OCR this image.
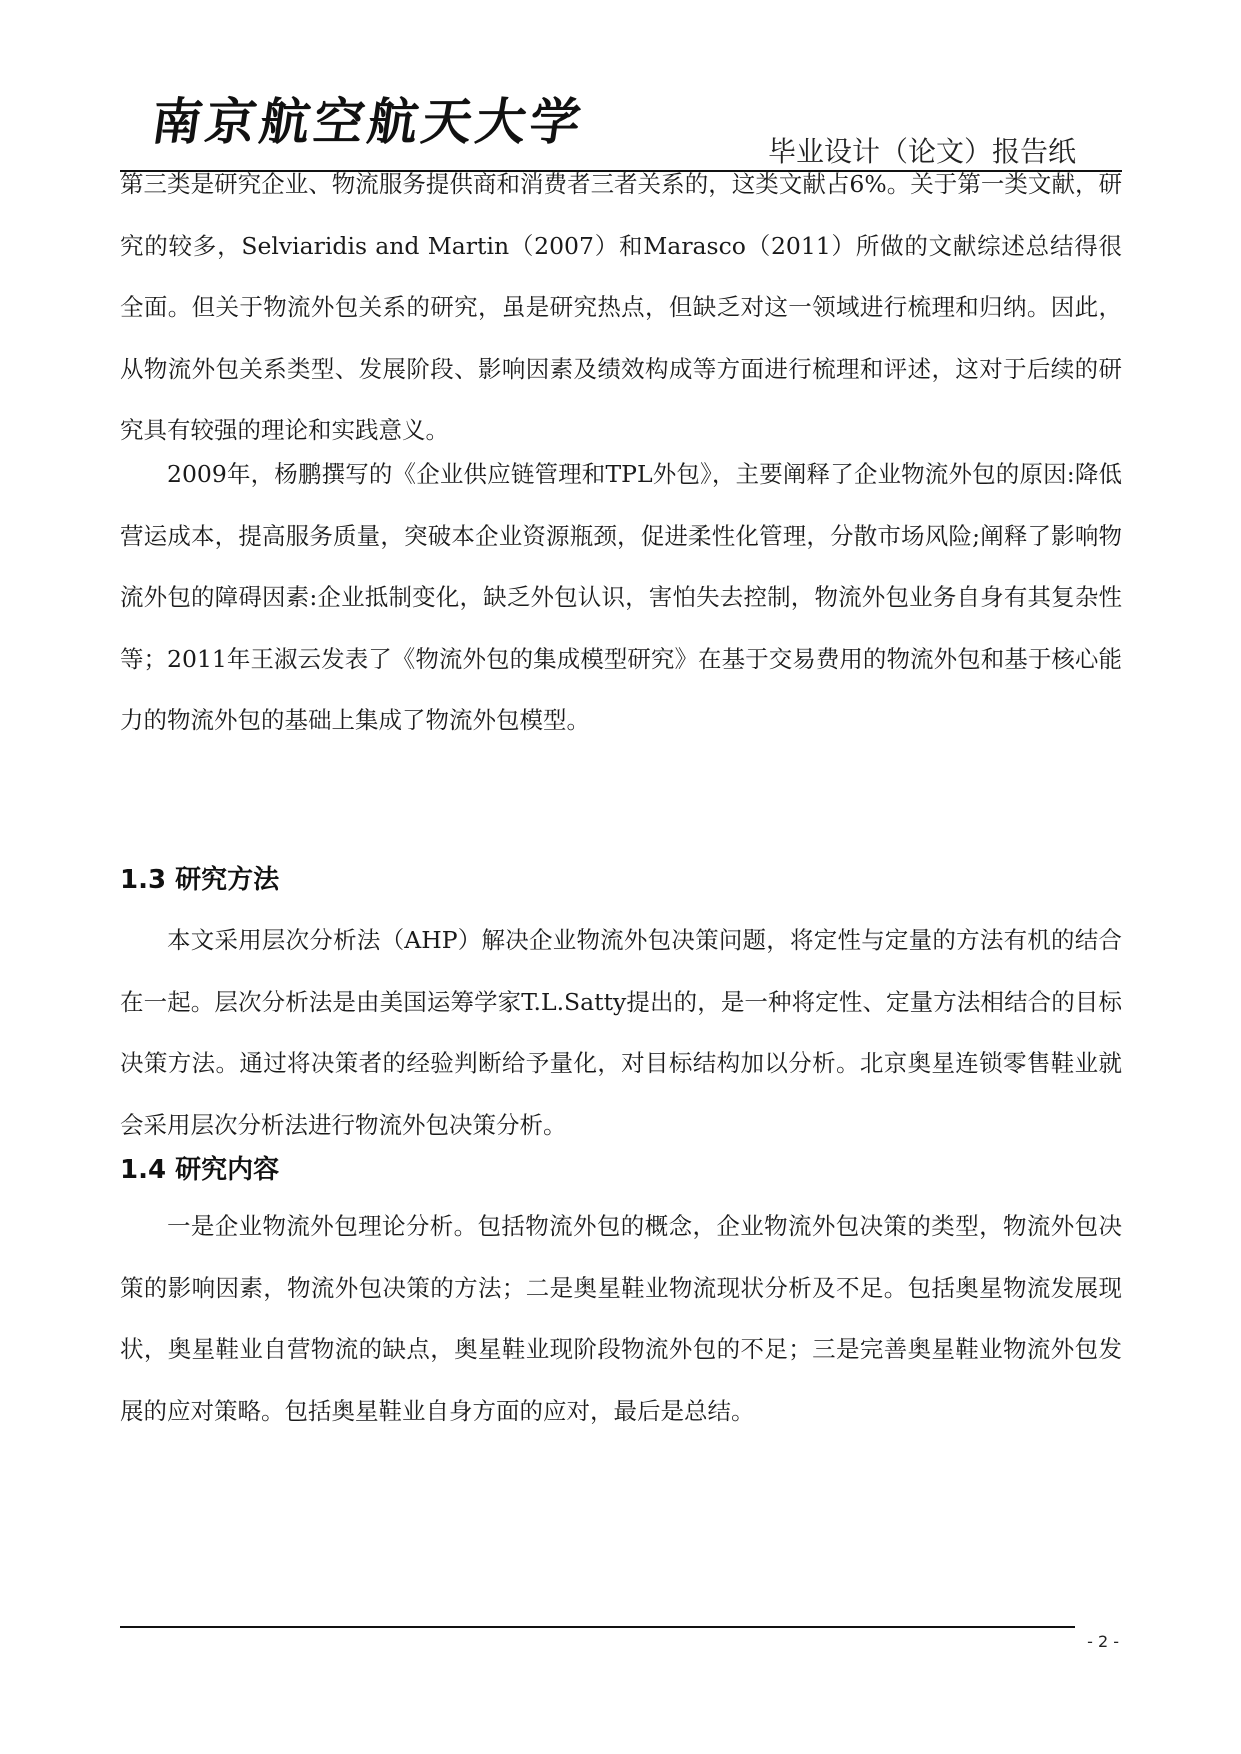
南京航空航天大学
毕业设计（论文）报告纸
第三类是研究企业、物流服务提供商和消费者三者关系的，这类文献占6%。关于第一类文献，研究的较多，Selviaridis and Martin（2007）和Marasco（2011）所做的文献综述总结得很全面。但关于物流外包关系的研究，虽是研究热点，但缺乏对这一领域进行梳理和归纳。因此，从物流外包关系类型、发展阶段、影响因素及绩效构成等方面进行梳理和评述，这对于后续的研究具有较强的理论和实践意义。
2009年，杨鹏撰写的《企业供应链管理和TPL外包》，主要阐释了企业物流外包的原因:降低营运成本，提高服务质量，突破本企业资源瓶颈，促进柔性化管理，分散市场风险;阐释了影响物流外包的障碍因素:企业抵制变化，缺乏外包认识，害怕失去控制，物流外包业务自身有其复杂性等；2011年王淑云发表了《物流外包的集成模型研究》在基于交易费用的物流外包和基于核心能力的物流外包的基础上集成了物流外包模型。
1.3 研究方法
本文采用层次分析法（AHP）解决企业物流外包决策问题，将定性与定量的方法有机的结合在一起。层次分析法是由美国运筹学家T.L.Satty提出的，是一种将定性、定量方法相结合的目标决策方法。通过将决策者的经验判断给予量化，对目标结构加以分析。北京奥星连锁零售鞋业就会采用层次分析法进行物流外包决策分析。
1.4 研究内容
一是企业物流外包理论分析。包括物流外包的概念，企业物流外包决策的类型，物流外包决策的影响因素，物流外包决策的方法；二是奥星鞋业物流现状分析及不足。包括奥星物流发展现状，奥星鞋业自营物流的缺点，奥星鞋业现阶段物流外包的不足；三是完善奥星鞋业物流外包发展的应对策略。包括奥星鞋业自身方面的应对，最后是总结。
- 2 -
